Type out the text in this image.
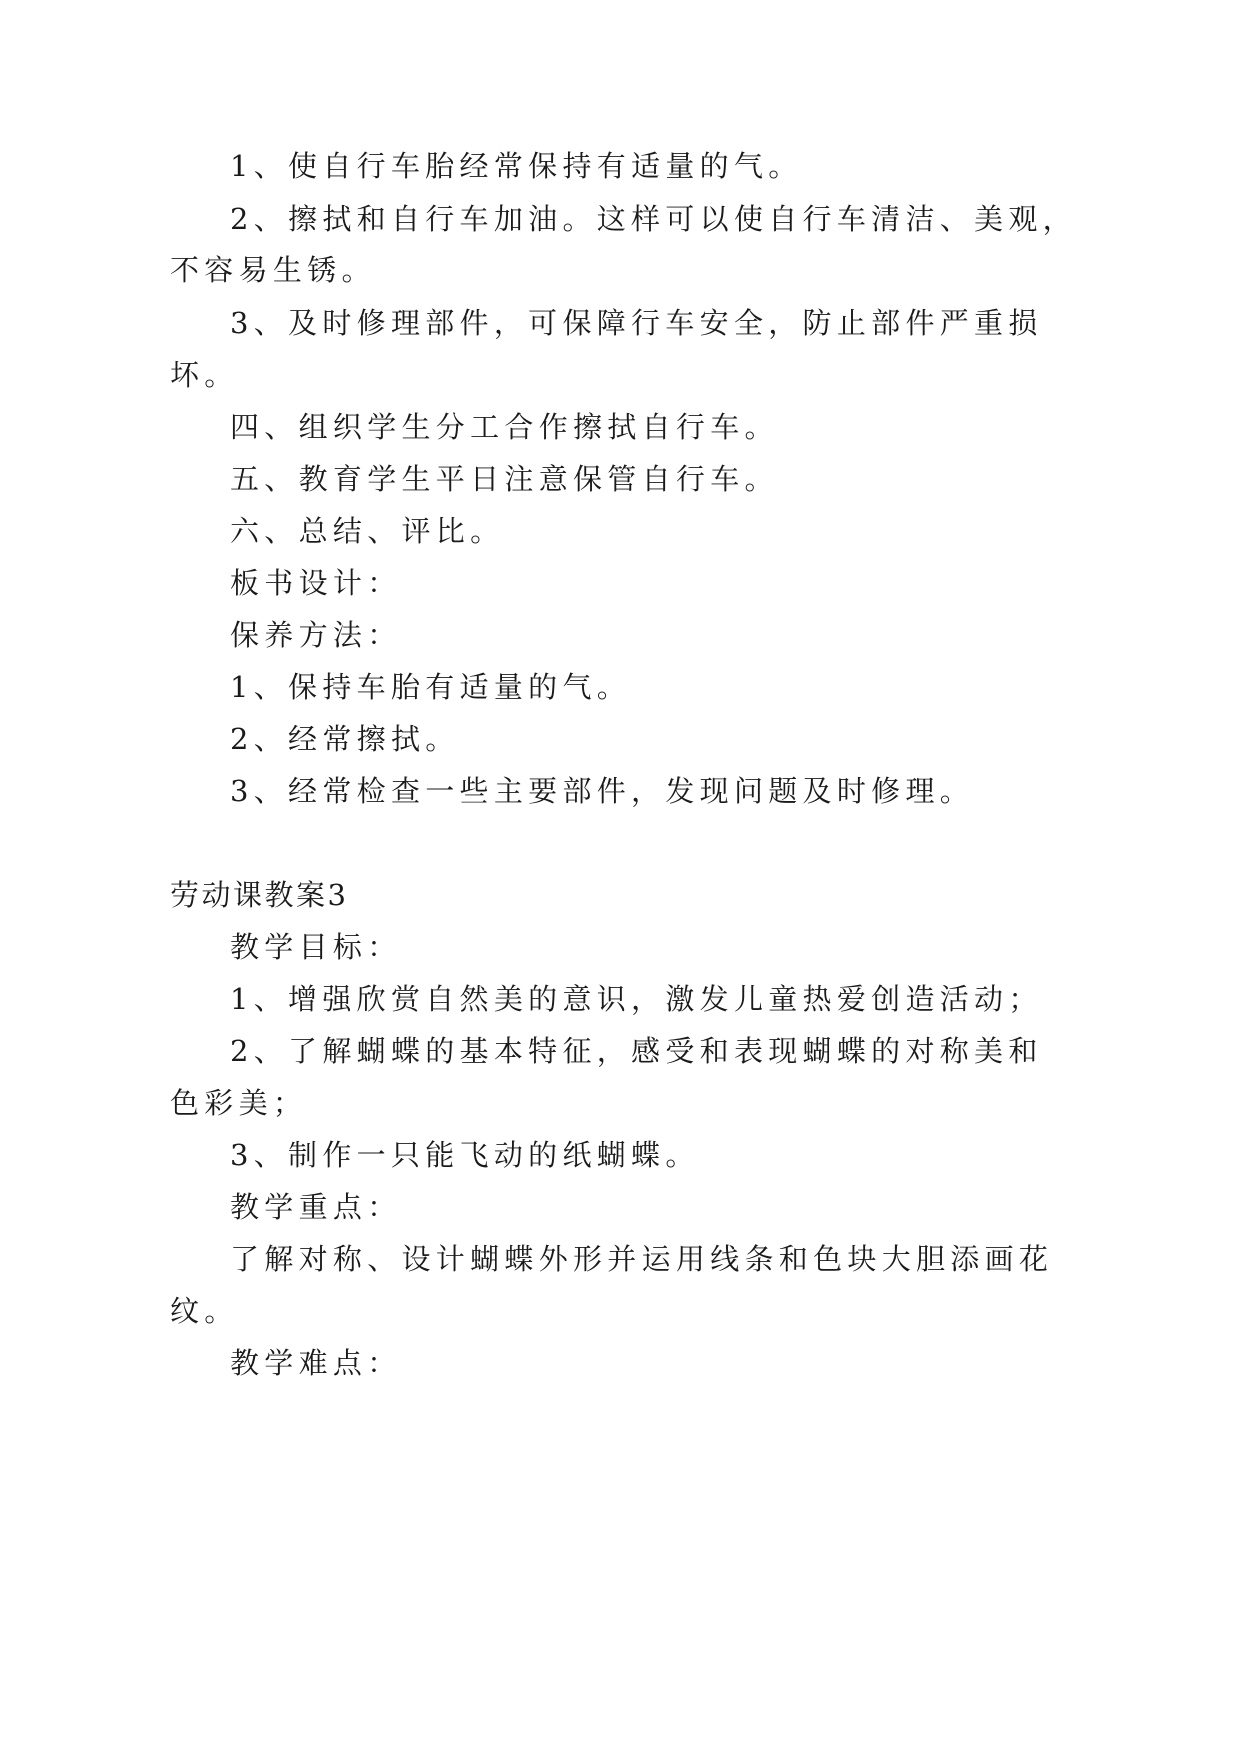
1、使自行车胎经常保持有适量的气。

2、擦拭和自行车加油。这样可以使自行车清洁、美观，

不容易生锈。

3、及时修理部件，可保障行车安全，防止部件严重损

坏。

四、组织学生分工合作擦拭自行车。

五、教育学生平日注意保管自行车。

六、总结、评比。

板书设计：

保养方法：

1、保持车胎有适量的气。

2、经常擦拭。

3、经常检查一些主要部件，发现问题及时修理。

劳动课教案3

教学目标：

1、增强欣赏自然美的意识，激发儿童热爱创造活动；

2、了解蝴蝶的基本特征，感受和表现蝴蝶的对称美和

色彩美；

3、制作一只能飞动的纸蝴蝶。

教学重点：

了解对称、设计蝴蝶外形并运用线条和色块大胆添画花

纹。

教学难点：
